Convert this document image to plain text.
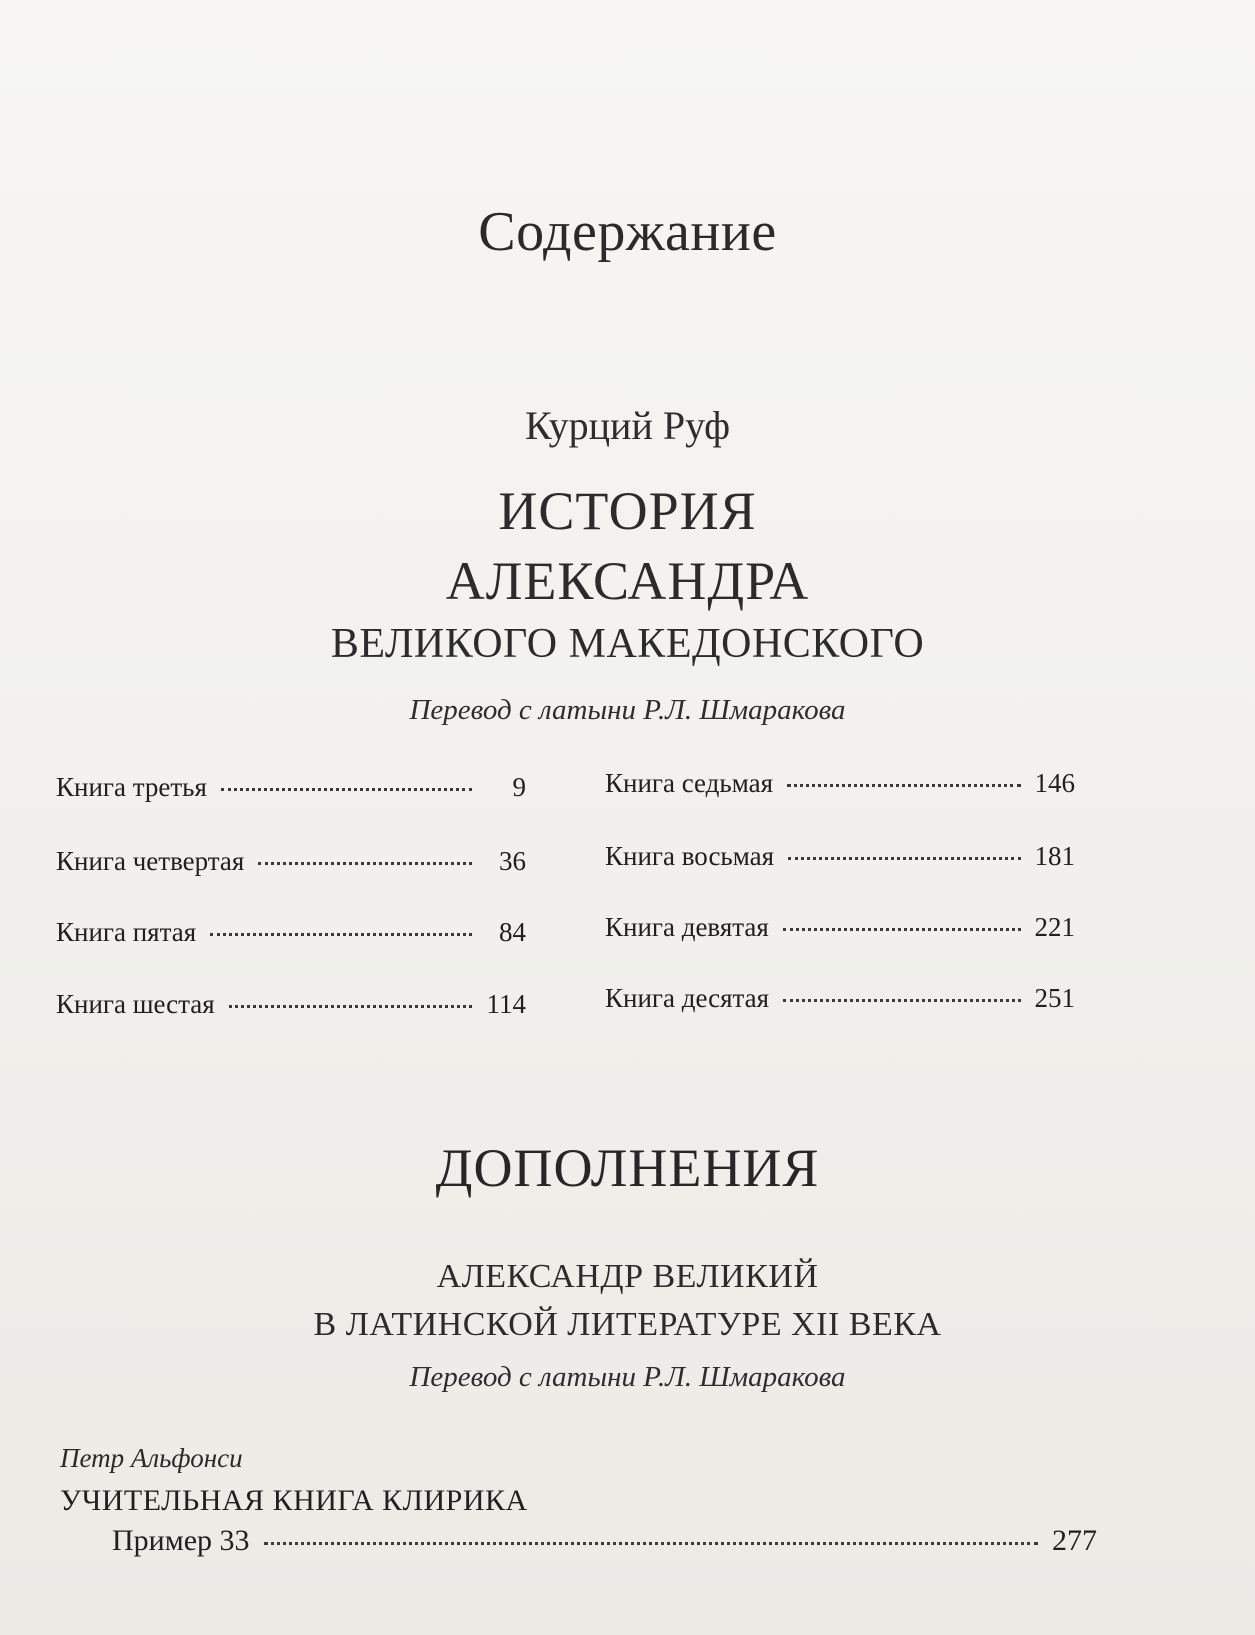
Содержание
Курций Руф
ИСТОРИЯ
АЛЕКСАНДРА
ВЕЛИКОГО МАКЕДОНСКОГО
Перевод с латыни Р.Л. Шмаракова
Книга третья	9
Книга четвертая	36
Книга пятая	84
Книга шестая	114
Книга седьмая	146
Книга восьмая	181
Книга девятая	221
Книга десятая	251
ДОПОЛНЕНИЯ
АЛЕКСАНДР ВЕЛИКИЙ
В ЛАТИНСКОЙ ЛИТЕРАТУРЕ XII ВЕКА
Перевод с латыни Р.Л. Шмаракова
Петр Альфонси
УЧИТЕЛЬНАЯ КНИГА КЛИРИКА
Пример 33	277
